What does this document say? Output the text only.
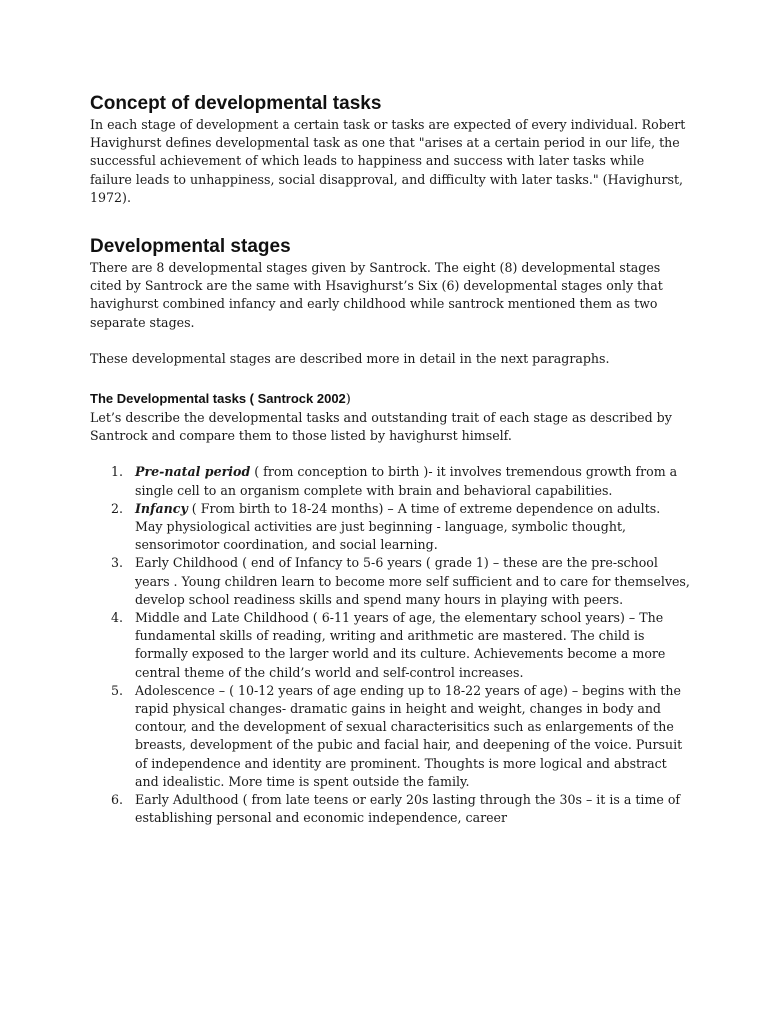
Concept of developmental tasks

In each stage of development a certain task or tasks are expected of every individual. Robert Havighurst defines developmental task as one that "arises at a certain period in our life, the successful achievement of which leads to happiness and success with later tasks while failure leads to unhappiness, social disapproval, and difficulty with later tasks." (Havighurst, 1972).

Developmental stages

There are 8 developmental stages given by Santrock. The eight (8) developmental stages cited by Santrock are the same with Hsavighurst’s Six (6) developmental stages only that havighurst combined infancy and early childhood while santrock mentioned them as two separate stages.

These developmental stages are described more in detail in the next paragraphs.

The Developmental tasks ( Santrock 2002)

Let’s describe the developmental tasks and outstanding trait of each stage as described by Santrock and compare them to those listed by havighurst himself.

1. Pre-natal period ( from conception to birth )- it involves tremendous growth from a single cell to an organism complete with brain and behavioral capabilities.
2. Infancy ( From birth to 18-24 months) – A time of extreme dependence on adults. May physiological activities are just beginning - language, symbolic thought, sensorimotor coordination, and social learning.
3. Early Childhood ( end of Infancy to 5-6 years ( grade 1) – these are the pre-school years . Young children learn to become more self sufficient and to care for themselves, develop school readiness skills and spend many hours in playing with peers.
4. Middle and Late Childhood ( 6-11 years of age, the elementary school years) – The fundamental skills of reading, writing and arithmetic are mastered. The child is formally exposed to the larger world and its culture. Achievements become a more central theme of the child’s world and self-control increases.
5. Adolescence – ( 10-12 years of age ending up to 18-22 years of age) – begins with the rapid physical changes- dramatic gains in height and weight, changes in body and contour, and the development of sexual characterisitics such as enlargements of the breasts, development of the pubic and facial hair, and deepening of the voice. Pursuit of independence and identity are prominent. Thoughts is more logical and abstract and idealistic. More time is spent outside the family.
6. Early Adulthood ( from late teens or early 20s lasting through the 30s – it is a time of establishing personal and economic independence, career
